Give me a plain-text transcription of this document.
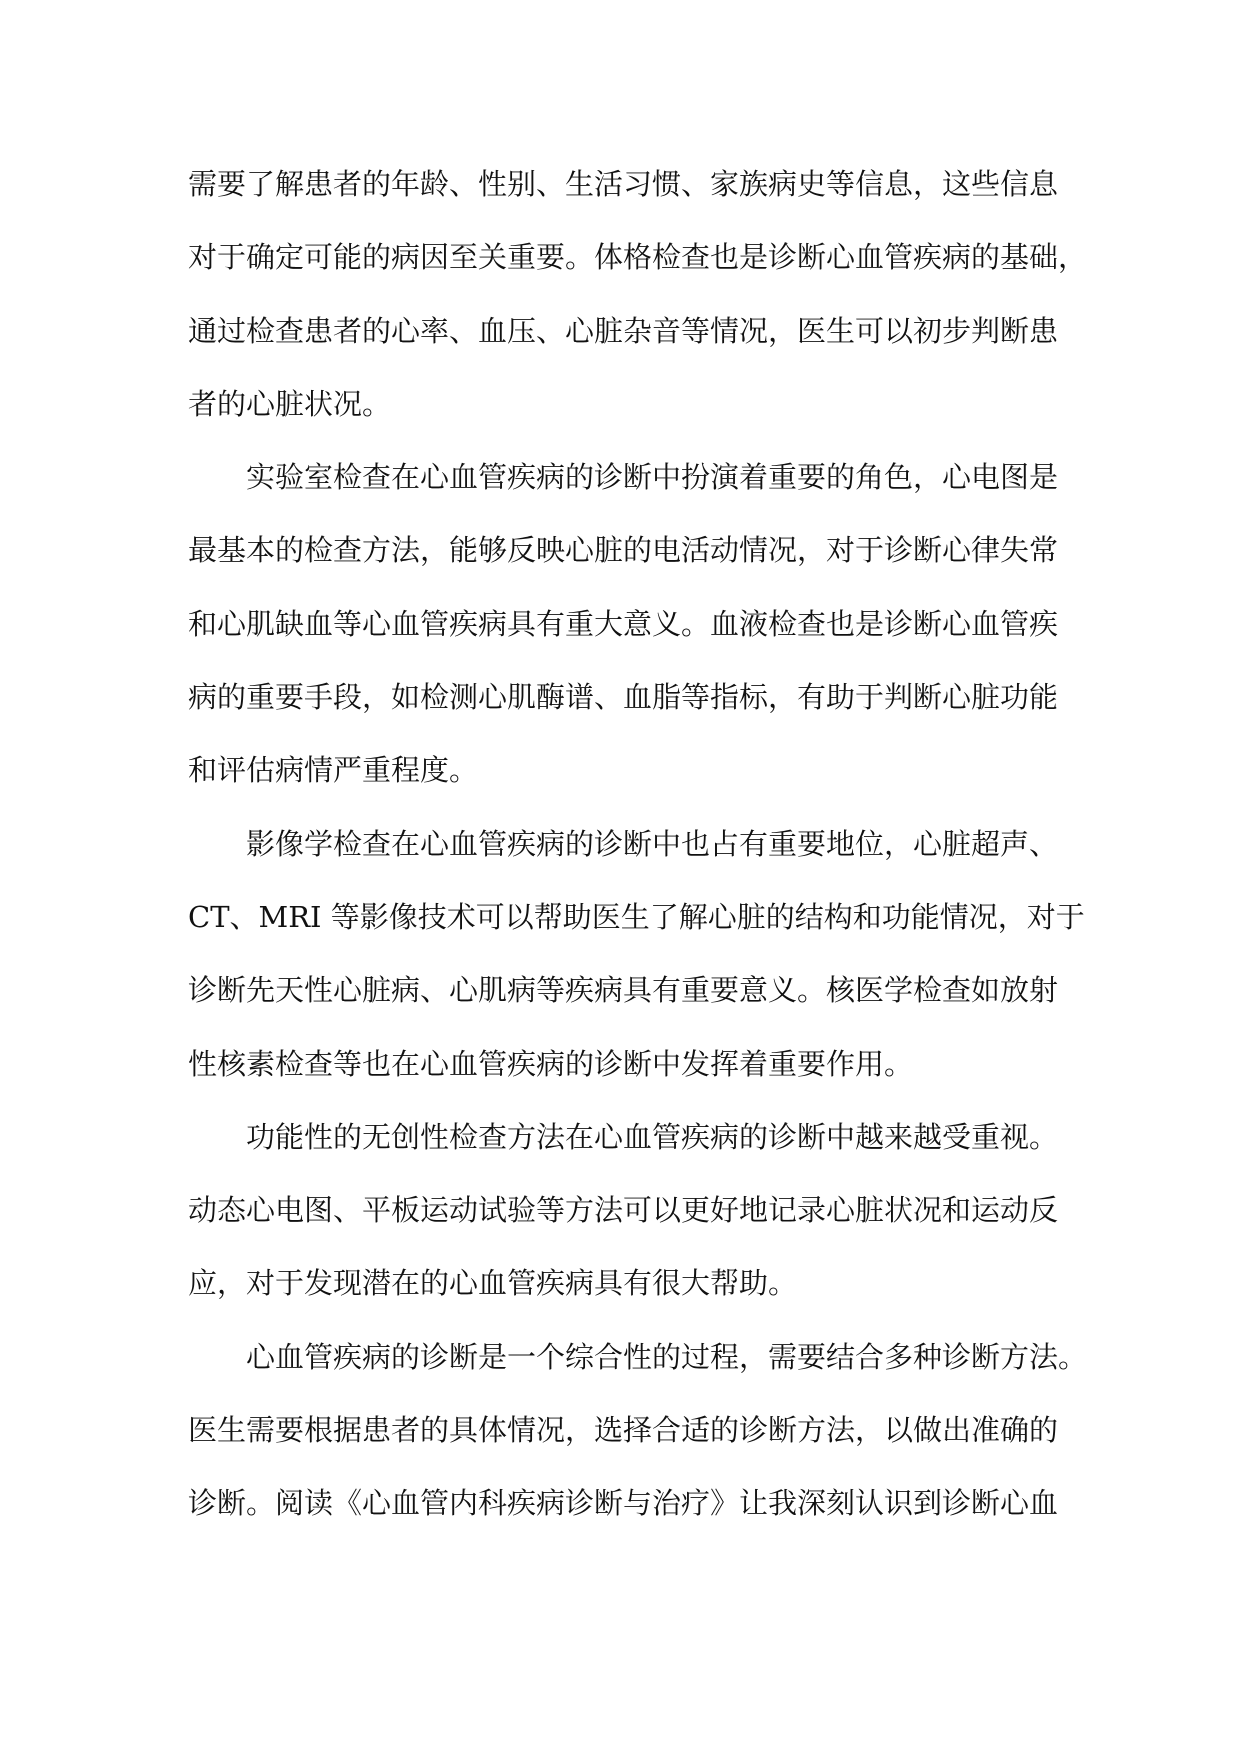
需要了解患者的年龄、性别、生活习惯、家族病史等信息，这些信息
对于确定可能的病因至关重要。体格检查也是诊断心血管疾病的基础，
通过检查患者的心率、血压、心脏杂音等情况，医生可以初步判断患
者的心脏状况。
实验室检查在心血管疾病的诊断中扮演着重要的角色，心电图是
最基本的检查方法，能够反映心脏的电活动情况，对于诊断心律失常
和心肌缺血等心血管疾病具有重大意义。血液检查也是诊断心血管疾
病的重要手段，如检测心肌酶谱、血脂等指标，有助于判断心脏功能
和评估病情严重程度。
影像学检查在心血管疾病的诊断中也占有重要地位，心脏超声、
CT、MRI 等影像技术可以帮助医生了解心脏的结构和功能情况，对于
诊断先天性心脏病、心肌病等疾病具有重要意义。核医学检查如放射
性核素检查等也在心血管疾病的诊断中发挥着重要作用。
功能性的无创性检查方法在心血管疾病的诊断中越来越受重视。
动态心电图、平板运动试验等方法可以更好地记录心脏状况和运动反
应，对于发现潜在的心血管疾病具有很大帮助。
心血管疾病的诊断是一个综合性的过程，需要结合多种诊断方法。
医生需要根据患者的具体情况，选择合适的诊断方法，以做出准确的
诊断。阅读《心血管内科疾病诊断与治疗》让我深刻认识到诊断心血
